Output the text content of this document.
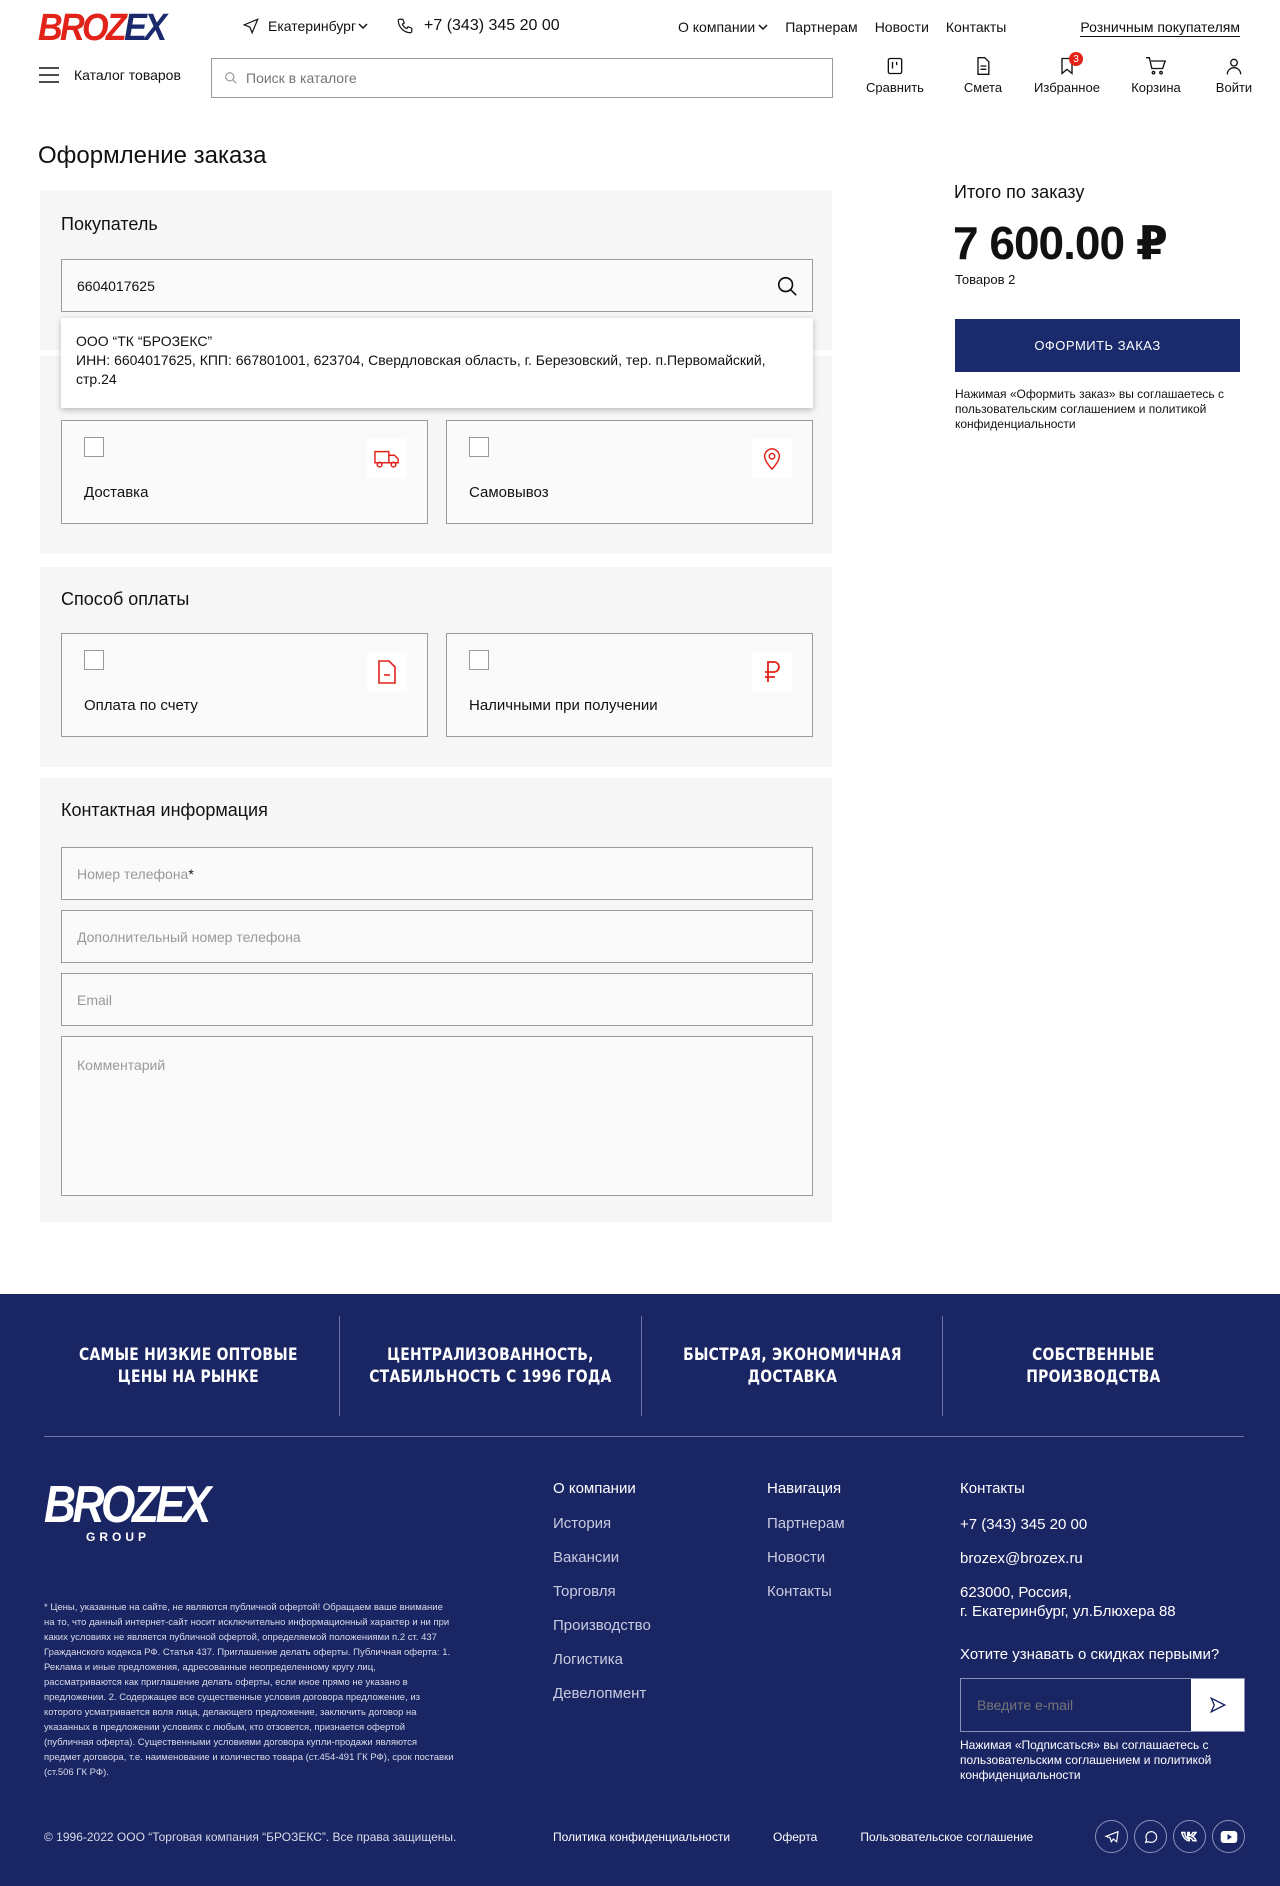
BROZEX	Екатеринбург	+7 (343) 345 20 00	О компании Партнерам Новости Контакты	Розничным покупателям
Каталог товаров
Поиск в каталоге
Сравнить	Смета
3
Избранное Корзина	Войти
Оформление заказа
Покупатель
6604017625
ООО “ТК “БРОЗЕКС”
ИНН: 6604017625, КПП: 667801001, 623704, Свердловская область, г. Березовский, тер. п.Первомайский, стр.24
Доставка	Самовывоз
Способ оплаты
Оплата по счету	Наличными при получении
Контактная информация
Номер телефона *
Дополнительный номер телефона
Email
Комментарий
Итого по заказу
7 600.00 ₽
Товаров 2
ОФОРМИТЬ ЗАКАЗ
Нажимая «Оформить заказ» вы соглашаетесь с пользовательским соглашением и политикой конфиденциальности
САМЫЕ НИЗКИЕ ОПТОВЫЕ
ЦЕНЫ НА РЫНКЕ
ЦЕНТРАЛИЗОВАННОСТЬ,
СТАБИЛЬНОСТЬ С 1996 ГОДА
БЫСТРАЯ, ЭКОНОМИЧНАЯ
ДОСТАВКА
СОБСТВЕННЫЕ
ПРОИЗВОДСТВА
BROZEX
GROUP
* Цены, указанные на сайте, не являются публичной офертой! Обращаем ваше внимание на то, что данный интернет-сайт носит исключительно информационный характер и ни при каких условиях не является публичной офертой, определяемой положениями п.2 ст. 437 Гражданского кодекса РФ. Статья 437. Приглашение делать оферты. Публичная оферта: 1. Реклама и иные предложения, адресованные неопределенному кругу лиц, рассматриваются как приглашение делать оферты, если иное прямо не указано в предложении. 2. Содержащее все существенные условия договора предложение, из которого усматривается воля лица, делающего предложение, заключить договор на указанных в предложении условиях с любым, кто отзовется, признается офертой (публичная оферта). Существенными условиями договора купли-продажи являются предмет договора, т.е. наименование и количество товара (ст.454-491 ГК РФ), срок поставки (ст.506 ГК РФ).
О компании
История
Вакансии
Торговля
Производство
Логистика
Девелопмент
Навигация
Партнерам
Новости
Контакты
Контакты
+7 (343) 345 20 00
brozex@brozex.ru
623000, Россия,
г. Екатеринбург, ул.Блюхера 88
Хотите узнавать о скидках первыми?
Введите e-mail
Нажимая «Подписаться» вы соглашаетесь с пользовательским соглашением и политикой конфиденциальности
© 1996-2022 ООО “Торговая компания “БРОЗЕКС”. Все права защищены.	Политика конфиденциальности	Оферта	Пользовательское соглашение
